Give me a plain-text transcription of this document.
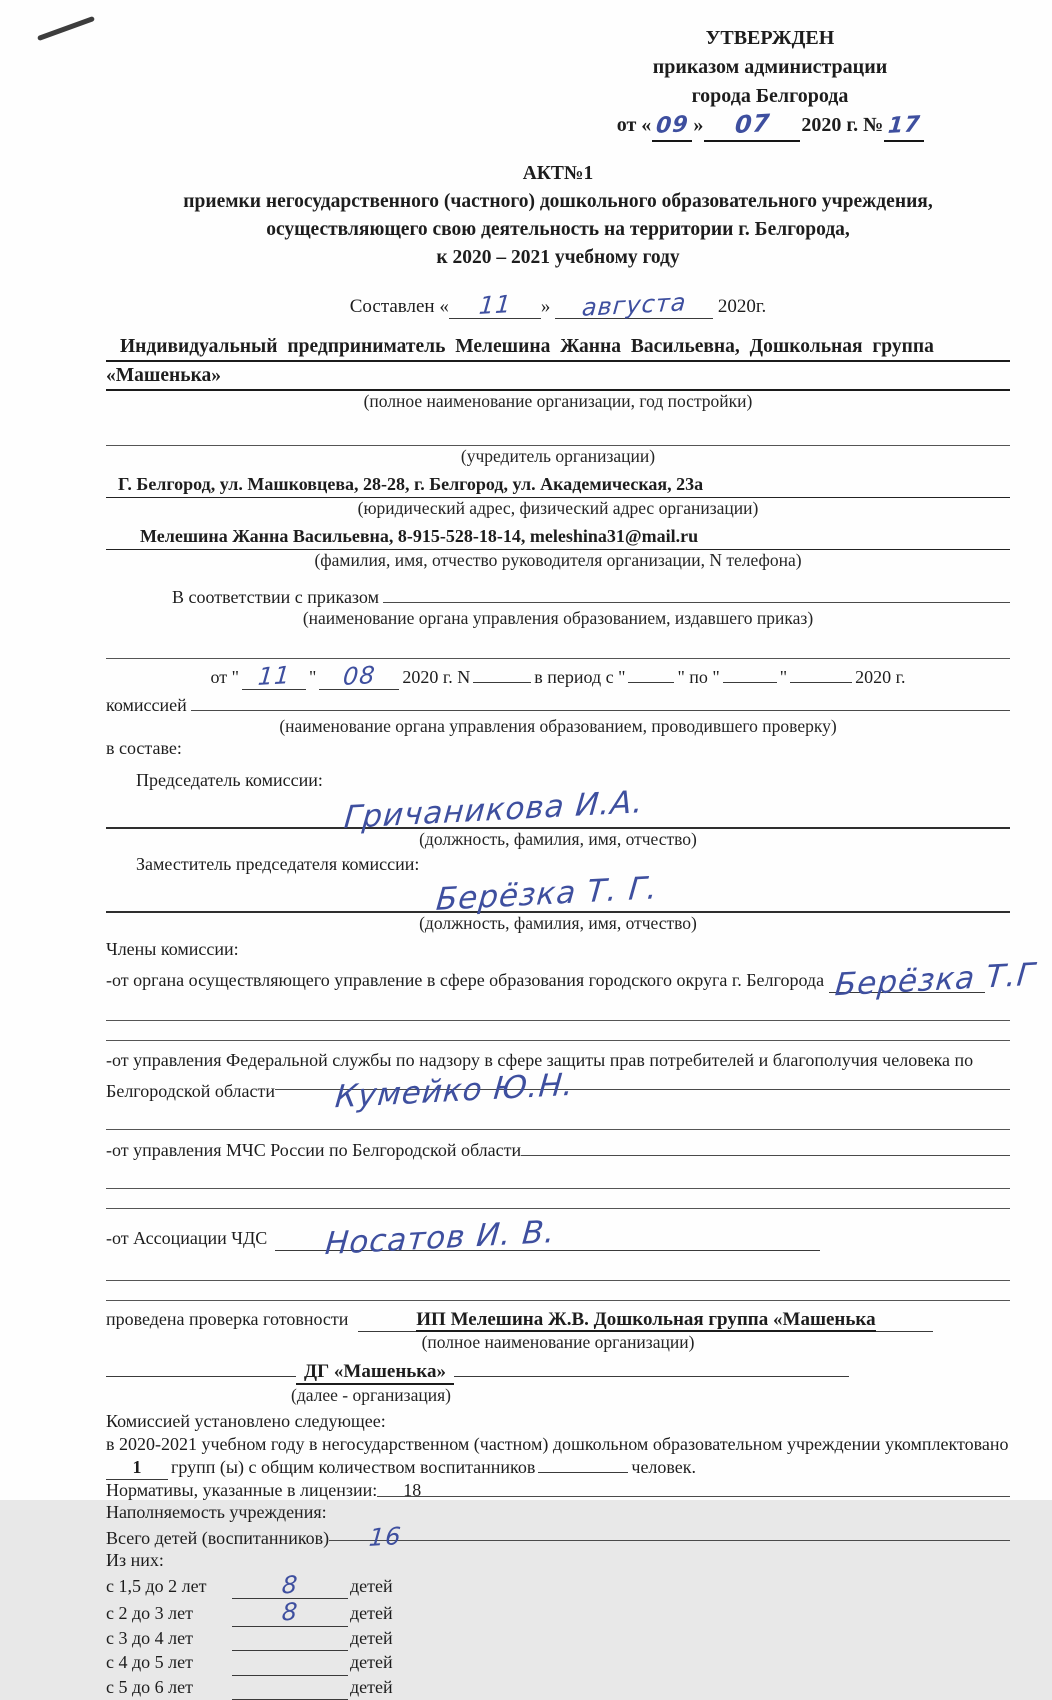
УТВЕРЖДЕН
приказом администрации
города Белгорода
от « 09 » 07 2020 г. № 17
АКТ№1
приемки негосударственного (частного) дошкольного образовательного учреждения,
осуществляющего свою деятельность на территории г. Белгорода,
к 2020 – 2021 учебному году
Составлен « 11 » августа 2020г.
Индивидуальный предприниматель Мелешина Жанна Васильевна, Дошкольная группа
«Машенька»
(полное наименование организации, год постройки)
(учредитель организации)
Г. Белгород, ул. Машковцева, 28-28, г. Белгород, ул. Академическая, 23а
(юридический адрес, физический адрес организации)
Мелешина Жанна Васильевна, 8-915-528-18-14, meleshina31@mail.ru
(фамилия, имя, отчество руководителя организации, N телефона)
В соответствии с приказом

(наименование органа управления образованием, издавшего приказ)
от " 11 " 08 2020 г. N	в период с "	" по "	"	2020 г.
комиссией

(наименование органа управления образованием, проводившего проверку)
в составе:
Председатель комиссии:
Гричаникова И.А.
(должность, фамилия, имя, отчество)
Заместитель председателя комиссии:
Берёзка Т. Г.
(должность, фамилия, имя, отчество)
Члены комиссии:
-от органа осуществляющего управление в сфере образования городского округа г. Белгорода Берёзка Т.Г
-от управления Федеральной службы по надзору в сфере защиты прав потребителей и благополучия человека по
Белгородской области	Кумейко Ю.Н.
-от управления МЧС России по Белгородской области
-от Ассоциации ЧДС	Носатов И. В.
проведена проверка готовности	ИП Мелешина Ж.В. Дошкольная группа «Машенька
(полное наименование организации)
ДГ «Машенька»
(далее - организация)
Комиссией установлено следующее:
в 2020-2021 учебном году в негосударственном (частном) дошкольном образовательном учреждении укомплектовано
1 групп (ы) с общим количеством воспитанников	человек.
Нормативы, указанные в лицензии:	18
Наполняемость учреждения:
Всего детей (воспитанников)	16
Из них:
с 1,5 до 2 лет	8	детей
с 2 до 3 лет	8	детей
с 3 до 4 лет	детей
с 4 до 5 лет	детей
с 5 до 6 лет	детей
